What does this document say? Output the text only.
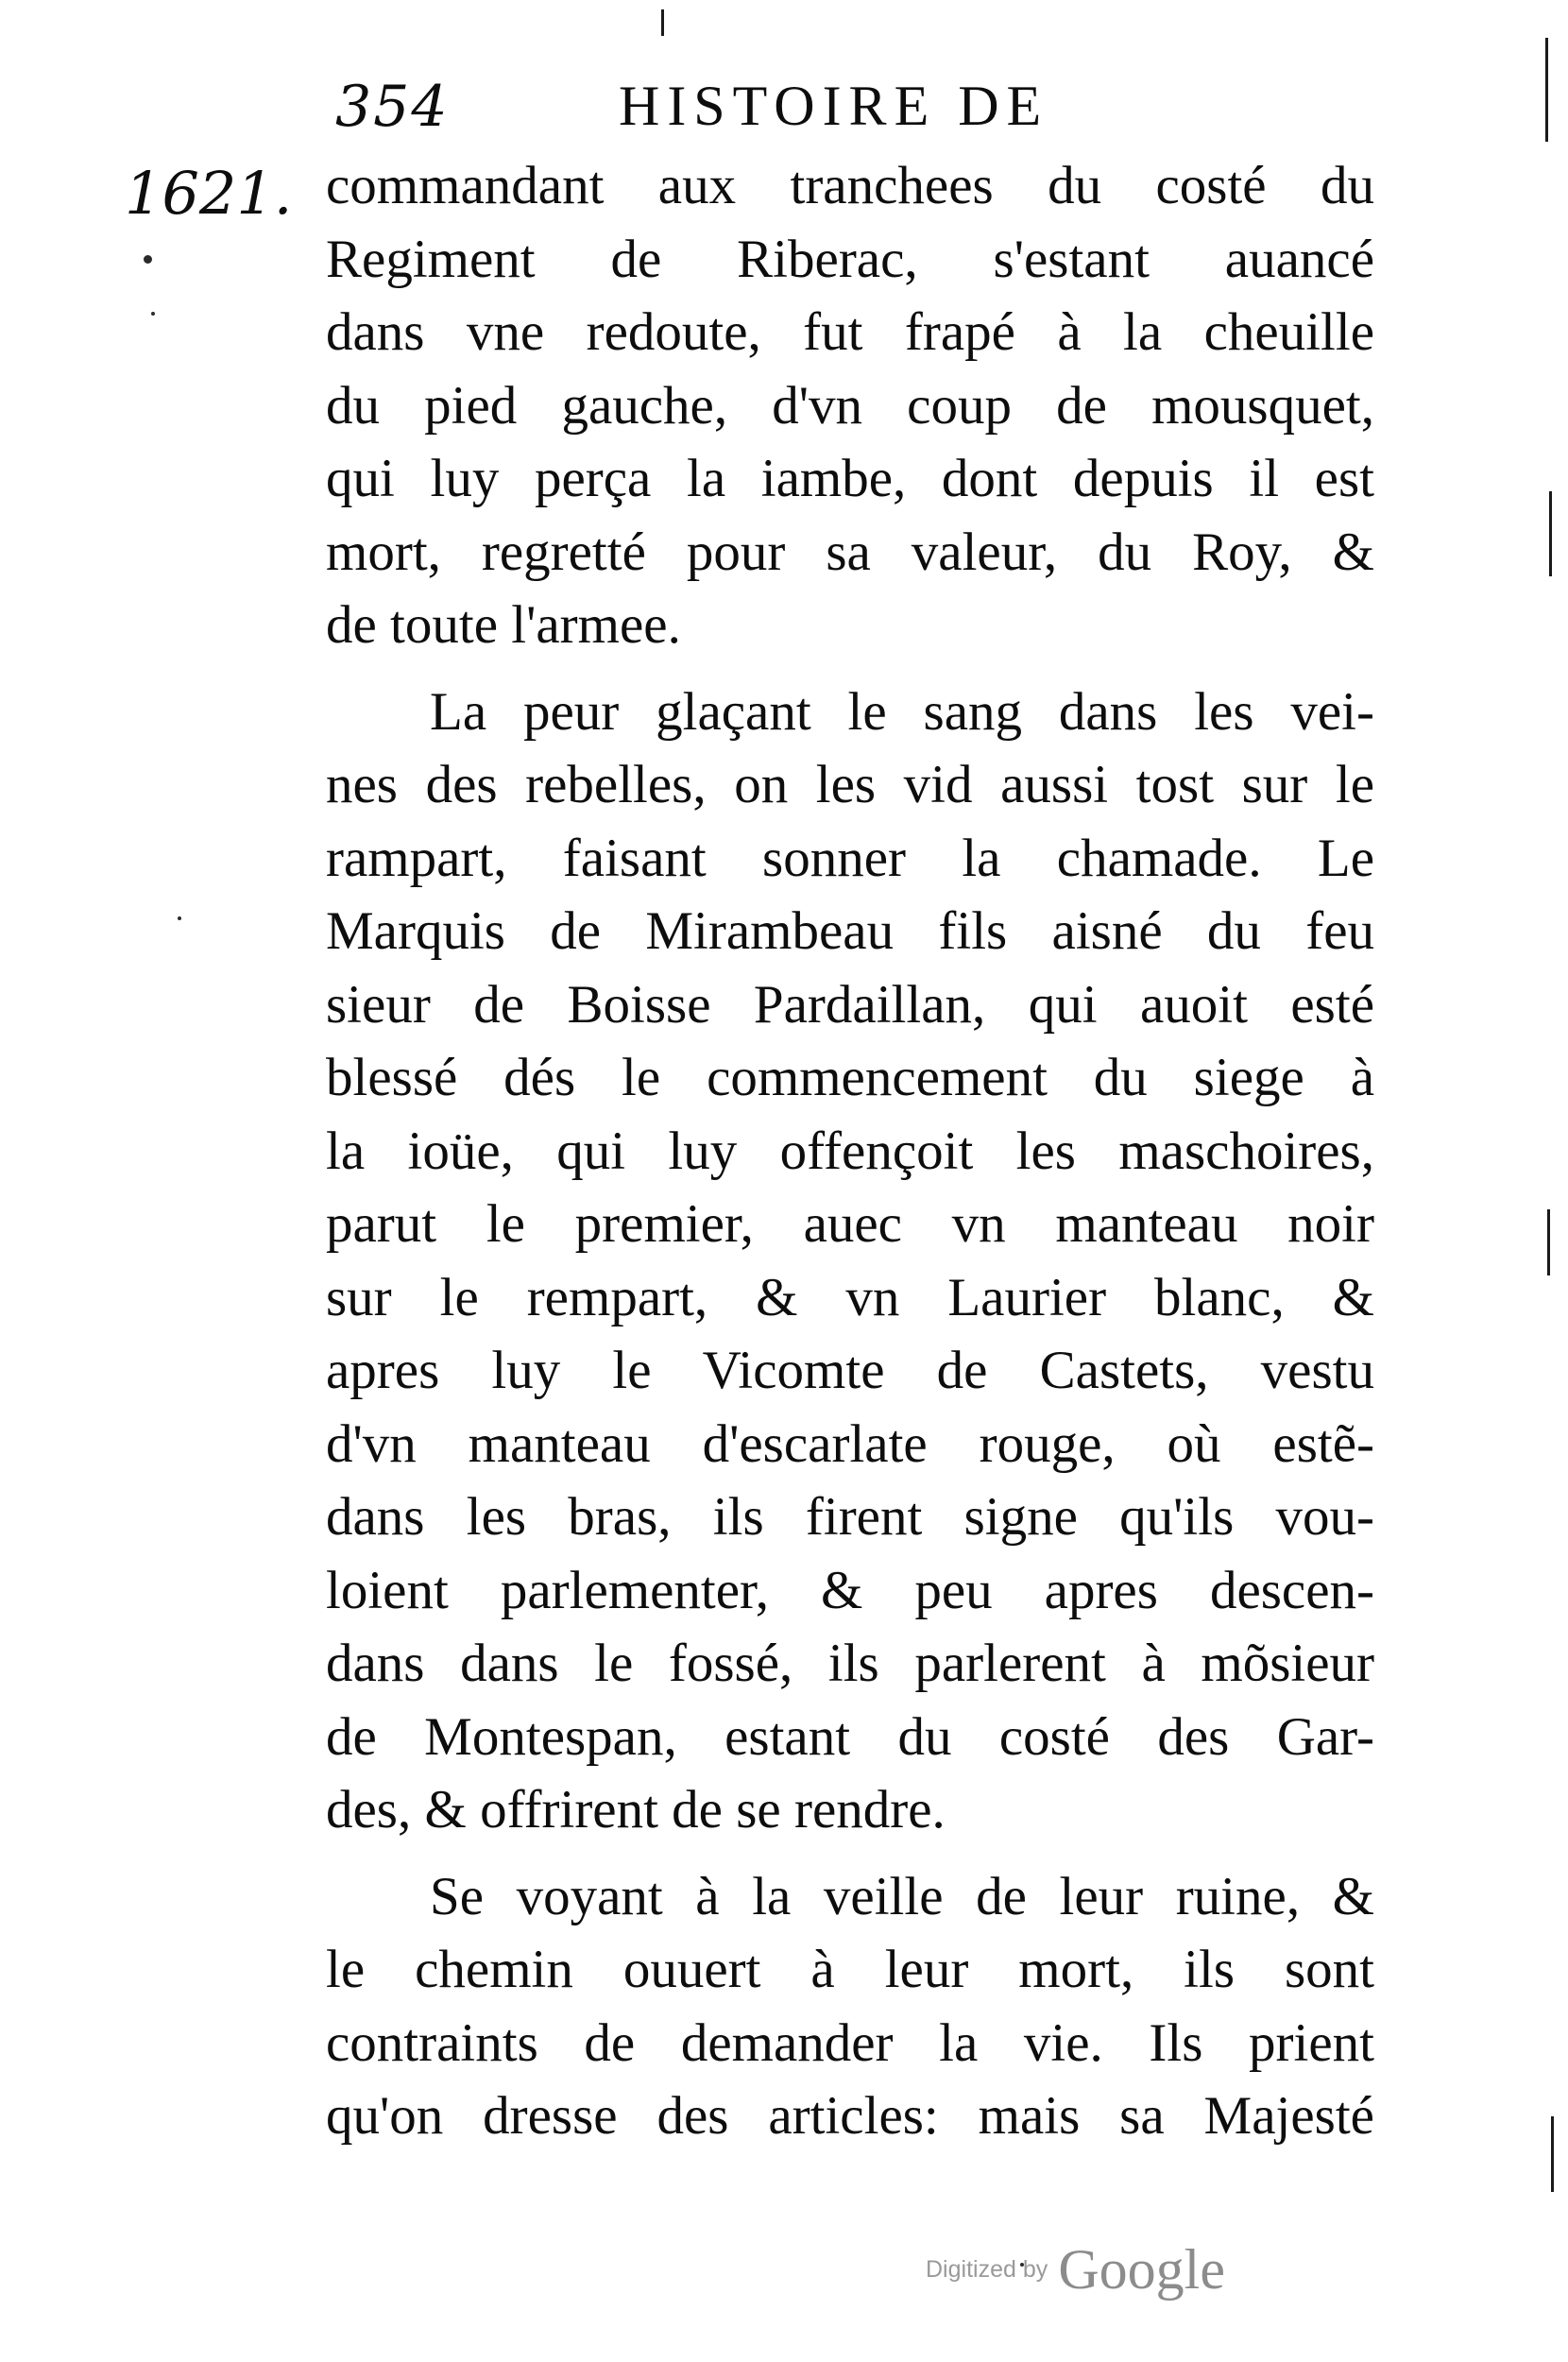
354	HISTOIRE DE
1621. commandant aux tranchees du costé du
Regiment de Riberac, s'estant auancé
dans vne redoute, fut frapé à la cheuille
du pied gauche, d'vn coup de mousquet,
qui luy perça la iambe, dont depuis il est
mort, regretté pour sa valeur, du Roy, &
de toute l'armee.
La peur glaçant le sang dans les vei-
nes des rebelles, on les vid aussi tost sur le
rampart, faisant sonner la chamade. Le
Marquis de Mirambeau fils aisné du feu
sieur de Boisse Pardaillan, qui auoit esté
blessé dés le commencement du siege à
la ioüe, qui luy offençoit les maschoires,
parut le premier, auec vn manteau noir
sur le rempart, & vn Laurier blanc, &
apres luy le Vicomte de Castets, vestu
d'vn manteau d'escarlate rouge, où estẽ-
dans les bras, ils firent signe qu'ils vou-
loient parlementer, & peu apres descen-
dans dans le fossé, ils parlerent à mõsieur
de Montespan, estant du costé des Gar-
des, & offrirent de se rendre.
Se voyant à la veille de leur ruine, &
le chemin ouuert à leur mort, ils sont
contraints de demander la vie. Ils prient
qu'on dresse des articles: mais sa Majesté
Digitized by Google
